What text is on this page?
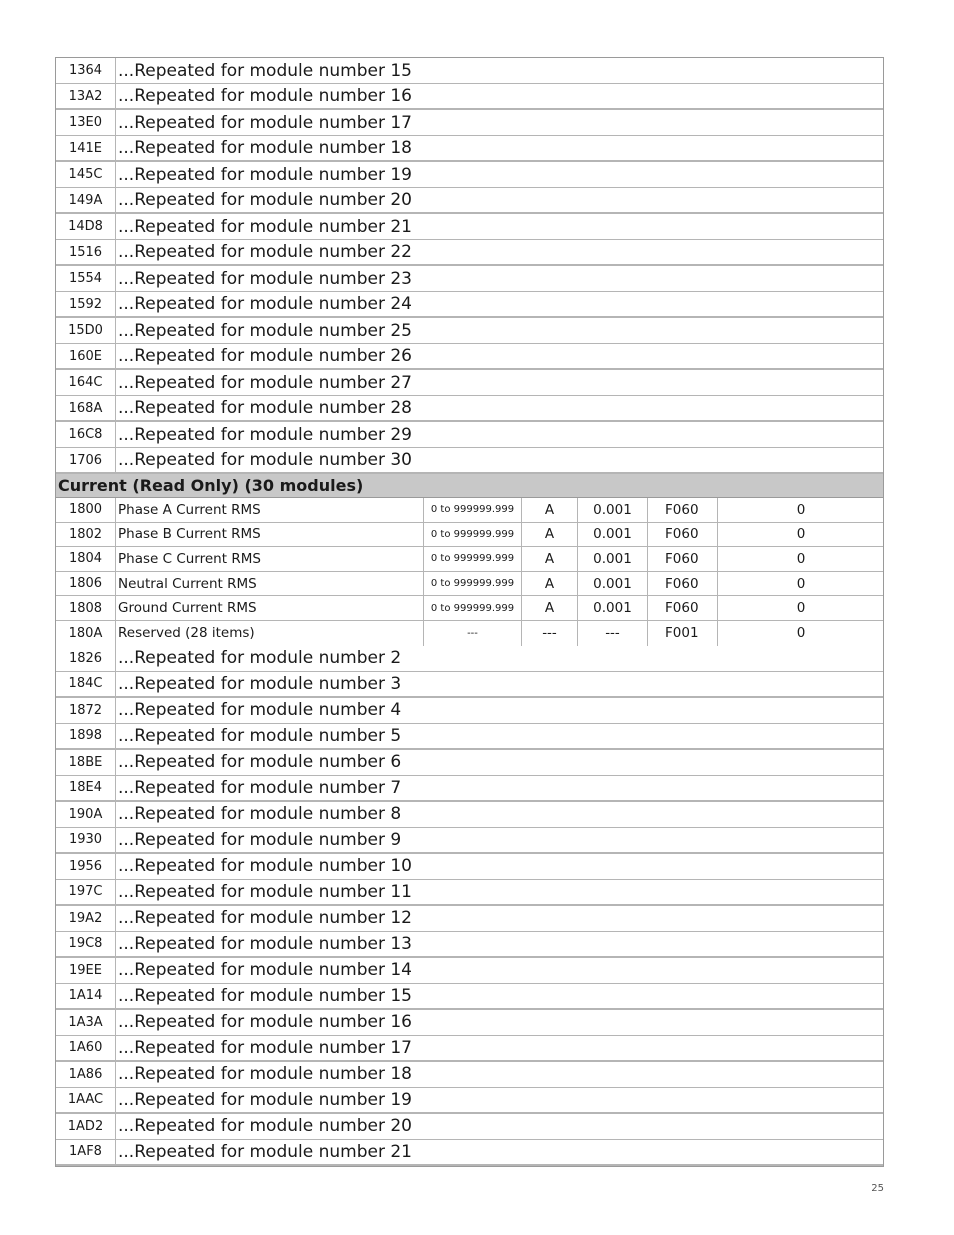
1364 ...Repeated for module number 15
13A2 ...Repeated for module number 16
13E0 ...Repeated for module number 17
141E ...Repeated for module number 18
145C ...Repeated for module number 19
149A ...Repeated for module number 20
14D8 ...Repeated for module number 21
1516 ...Repeated for module number 22
1554 ...Repeated for module number 23
1592 ...Repeated for module number 24
15D0 ...Repeated for module number 25
160E ...Repeated for module number 26
164C ...Repeated for module number 27
168A ...Repeated for module number 28
16C8 ...Repeated for module number 29
1706 ...Repeated for module number 30
Current (Read Only) (30 modules)
1800	Phase A Current RMS	0 to 999999.999	A	0.001	F060	0
1802	Phase B Current RMS	0 to 999999.999	A	0.001	F060	0
1804	Phase C Current RMS	0 to 999999.999	A	0.001	F060	0
1806	Neutral Current RMS	0 to 999999.999	A	0.001	F060	0
1808	Ground Current RMS	0 to 999999.999	A	0.001	F060	0
180A	Reserved (28 items)	---	---	---	F001	0
1826 ...Repeated for module number 2
184C ...Repeated for module number 3
1872 ...Repeated for module number 4
1898 ...Repeated for module number 5
18BE ...Repeated for module number 6
18E4 ...Repeated for module number 7
190A ...Repeated for module number 8
1930 ...Repeated for module number 9
1956 ...Repeated for module number 10
197C ...Repeated for module number 11
19A2 ...Repeated for module number 12
19C8 ...Repeated for module number 13
19EE ...Repeated for module number 14
1A14 ...Repeated for module number 15
1A3A ...Repeated for module number 16
1A60 ...Repeated for module number 17
1A86 ...Repeated for module number 18
1AAC ...Repeated for module number 19
1AD2 ...Repeated for module number 20
1AF8 ...Repeated for module number 21
25
